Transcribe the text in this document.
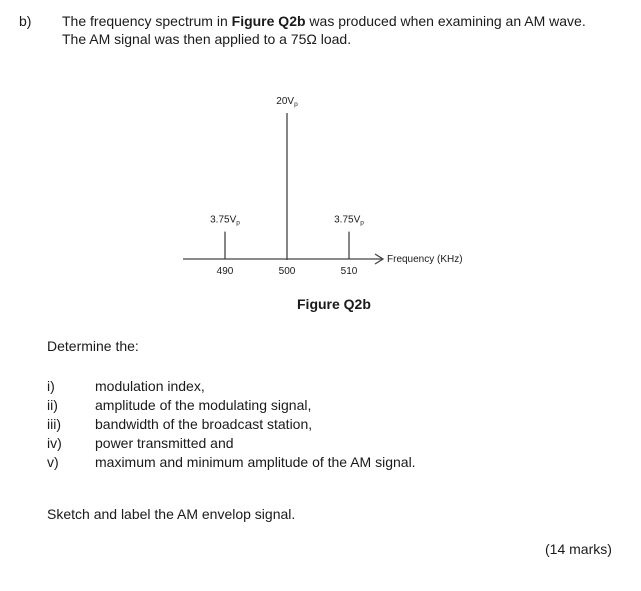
b) The frequency spectrum in Figure Q2b was produced when examining an AM wave.
The AM signal was then applied to a 75Ω load.
Frequency (KHz)
490
$3.75V_p$
500
$20V_p$
510
$3.75V_p$
Figure Q2b
Determine the:
i)	modulation index,
ii)	amplitude of the modulating signal,
iii)	bandwidth of the broadcast station,
iv)	power transmitted and
v)	maximum and minimum amplitude of the AM signal.
Sketch and label the AM envelop signal.
(14 marks)
